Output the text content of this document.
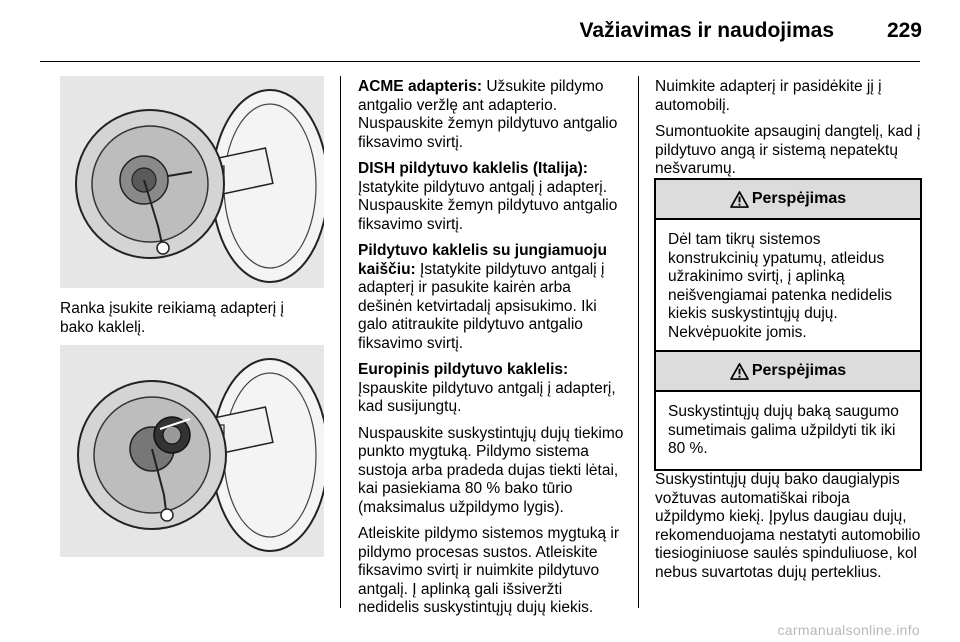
Važiavimas ir naudojimas	229

Ranka įsukite reikiamą adapterį į bako kaklelį.

ACME adapteris: Užsukite pildymo antgalio veržlę ant adapterio. Nuspauskite žemyn pildytuvo antgalio fiksavimo svirtį.

DISH pildytuvo kaklelis (Italija):
Įstatykite pildytuvo antgalį į adapterį. Nuspauskite žemyn pildytuvo antgalio fiksavimo svirtį.

Pildytuvo kaklelis su jungiamuoju kaiščiu: Įstatykite pildytuvo antgalį į adapterį ir pasukite kairėn arba dešinėn ketvirtadalį apsisukimo. Iki galo atitraukite pildytuvo antgalio fiksavimo svirtį.

Europinis pildytuvo kaklelis:
Įspauskite pildytuvo antgalį į adapterį, kad susijungtų.

Nuspauskite suskystintųjų dujų tiekimo punkto mygtuką. Pildymo sistema sustoja arba pradeda dujas tiekti lėtai, kai pasiekiama 80 % bako tūrio (maksimalus užpildymo lygis).

Atleiskite pildymo sistemos mygtuką ir pildymo procesas sustos. Atleiskite fiksavimo svirtį ir nuimkite pildytuvo antgalį. Į aplinką gali išsiveržti nedidelis suskystintųjų dujų kiekis.

Nuimkite adapterį ir pasidėkite jį į automobilį.

Sumontuokite apsauginį dangtelį, kad į pildytuvo angą ir sistemą nepatektų nešvarumų.

Perspėjimas
Dėl tam tikrų sistemos konstrukcinių ypatumų, atleidus užrakinimo svirtį, į aplinką neišvengiamai patenka nedidelis kiekis suskystintųjų dujų. Nekvėpuokite jomis.
Perspėjimas
Suskystintųjų dujų baką saugumo sumetimais galima užpildyti tik iki 80 %.

Suskystintųjų dujų bako daugialypis vožtuvas automatiškai riboja užpildymo kiekį. Įpylus daugiau dujų, rekomenduojama nestatyti automobilio tiesioginiuose saulės spinduliuose, kol nebus suvartotas dujų perteklius.

carmanualsonline.info
